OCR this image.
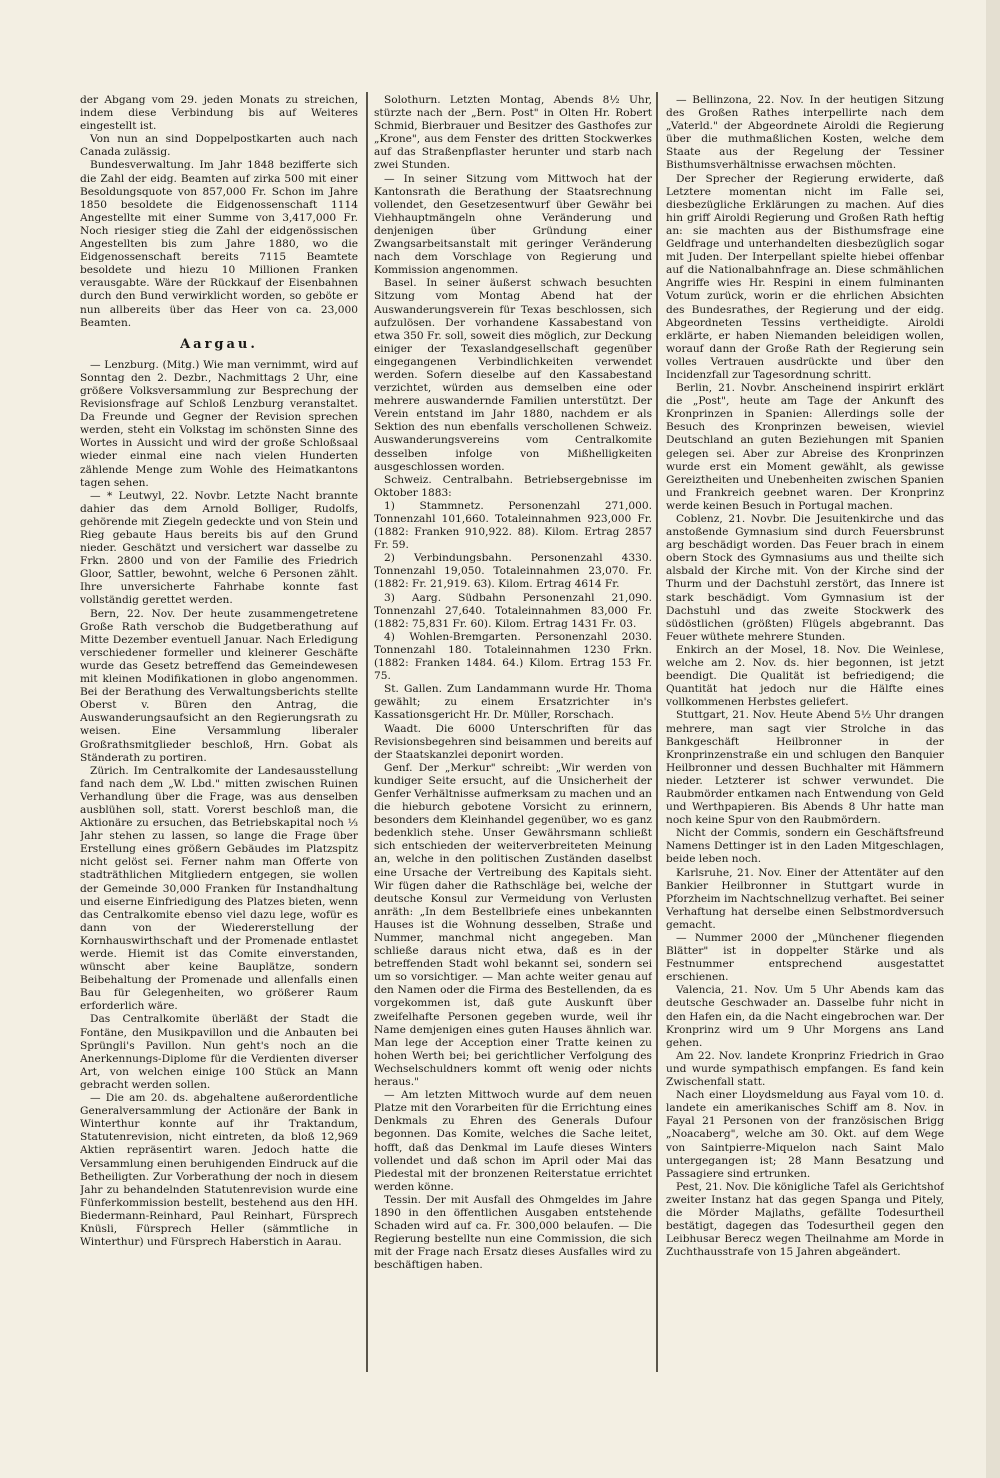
der Abgang vom 29. jeden Monats zu streichen, indem diese Verbindung bis auf Weiteres eingestellt ist.

Von nun an sind Doppelpostkarten auch nach Canada zulässig.

Bundesverwaltung. Im Jahr 1848 bezifferte sich die Zahl der eidg. Beamten auf zirka 500 mit einer Besoldungsquote von 857,000 Fr. Schon im Jahre 1850 besoldete die Eidgenossenschaft 1114 Angestellte mit einer Summe von 3,417,000 Fr. Noch riesiger stieg die Zahl der eidgenössischen Angestellten bis zum Jahre 1880, wo die Eidgenossenschaft bereits 7115 Beamtete besoldete und hiezu 10 Millionen Franken verausgabte. Wäre der Rückkauf der Eisenbahnen durch den Bund verwirklicht worden, so geböte er nun allbereits über das Heer von ca. 23,000 Beamten.

Aargau.

— Lenzburg. (Mitg.) Wie man vernimmt, wird auf Sonntag den 2. Dezbr., Nachmittags 2 Uhr, eine größere Volksversammlung zur Besprechung der Revisionsfrage auf Schloß Lenzburg veranstaltet. Da Freunde und Gegner der Revision sprechen werden, steht ein Volkstag im schönsten Sinne des Wortes in Aussicht und wird der große Schloßsaal wieder einmal eine nach vielen Hunderten zählende Menge zum Wohle des Heimatkantons tagen sehen.

— * Leutwyl, 22. Novbr. Letzte Nacht brannte dahier das dem Arnold Bolliger, Rudolfs, gehörende mit Ziegeln gedeckte und von Stein und Rieg gebaute Haus bereits bis auf den Grund nieder. Geschätzt und versichert war dasselbe zu Frkn. 2800 und von der Familie des Friedrich Gloor, Sattler, bewohnt, welche 6 Personen zählt. Ihre unversicherte Fahrhabe konnte fast vollständig gerettet werden.

Bern, 22. Nov. Der heute zusammengetretene Große Rath verschob die Budgetberathung auf Mitte Dezember eventuell Januar. Nach Erledigung verschiedener formeller und kleinerer Geschäfte wurde das Gesetz betreffend das Gemeindewesen mit kleinen Modifikationen in globo angenommen. Bei der Berathung des Verwaltungsberichts stellte Oberst v. Büren den Antrag, die Auswanderungsaufsicht an den Regierungsrath zu weisen. Eine Versammlung liberaler Großrathsmitglieder beschloß, Hrn. Gobat als Ständerath zu portiren.

Zürich. Im Centralkomite der Landesausstellung fand nach dem „W. Lbd." mitten zwischen Ruinen Verhandlung über die Frage, was aus denselben ausblühen soll, statt. Vorerst beschloß man, die Aktionäre zu ersuchen, das Betriebskapital noch ⅓ Jahr stehen zu lassen, so lange die Frage über Erstellung eines größern Gebäudes im Platzspitz nicht gelöst sei. Ferner nahm man Offerte von stadträthlichen Mitgliedern entgegen, sie wollen der Gemeinde 30,000 Franken für Instandhaltung und eiserne Einfriedigung des Platzes bieten, wenn das Centralkomite ebenso viel dazu lege, wofür es dann von der Wiedererstellung der Kornhauswirthschaft und der Promenade entlastet werde. Hiemit ist das Comite einverstanden, wünscht aber keine Bauplätze, sondern Beibehaltung der Promenade und allenfalls einen Bau für Gelegenheiten, wo größerer Raum erforderlich wäre.

Das Centralkomite überläßt der Stadt die Fontäne, den Musikpavillon und die Anbauten bei Sprüngli's Pavillon. Nun geht's noch an die Anerkennungs-Diplome für die Verdienten diverser Art, von welchen einige 100 Stück an Mann gebracht werden sollen.

— Die am 20. ds. abgehaltene außerordentliche Generalversammlung der Actionäre der Bank in Winterthur konnte auf ihr Traktandum, Statutenrevision, nicht eintreten, da bloß 12,969 Aktien repräsentirt waren. Jedoch hatte die Versammlung einen beruhigenden Eindruck auf die Betheiligten. Zur Vorberathung der noch in diesem Jahr zu behandelnden Statutenrevision wurde eine Fünferkommission bestellt, bestehend aus den HH. Biedermann-Reinhard, Paul Reinhart, Fürsprech Knüsli, Fürsprech Heller (sämmtliche in Winterthur) und Fürsprech Haberstich in Aarau.

Solothurn. Letzten Montag, Abends 8½ Uhr, stürzte nach der „Bern. Post" in Olten Hr. Robert Schmid, Bierbrauer und Besitzer des Gasthofes zur „Krone", aus dem Fenster des dritten Stockwerkes auf das Straßenpflaster herunter und starb nach zwei Stunden.

— In seiner Sitzung vom Mittwoch hat der Kantonsrath die Berathung der Staatsrechnung vollendet, den Gesetzesentwurf über Gewähr bei Viehhauptmängeln ohne Veränderung und denjenigen über Gründung einer Zwangsarbeitsanstalt mit geringer Veränderung nach dem Vorschlage von Regierung und Kommission angenommen.

Basel. In seiner äußerst schwach besuchten Sitzung vom Montag Abend hat der Auswanderungsverein für Texas beschlossen, sich aufzulösen. Der vorhandene Kassabestand von etwa 350 Fr. soll, soweit dies möglich, zur Deckung einiger der Texaslandgesellschaft gegenüber eingegangenen Verbindlichkeiten verwendet werden. Sofern dieselbe auf den Kassabestand verzichtet, würden aus demselben eine oder mehrere auswandernde Familien unterstützt. Der Verein entstand im Jahr 1880, nachdem er als Sektion des nun ebenfalls verschollenen Schweiz. Auswanderungsvereins vom Centralkomite desselben infolge von Mißhelligkeiten ausgeschlossen worden.

Schweiz. Centralbahn. Betriebsergebnisse im Oktober 1883:

1) Stammnetz. Personenzahl 271,000. Tonnenzahl 101,660. Totaleinnahmen 923,000 Fr. (1882: Franken 910,922. 88). Kilom. Ertrag 2857 Fr. 59.

2) Verbindungsbahn. Personenzahl 4330. Tonnenzahl 19,050. Totaleinnahmen 23,070. Fr. (1882: Fr. 21,919. 63). Kilom. Ertrag 4614 Fr.

3) Aarg. Südbahn Personenzahl 21,090. Tonnenzahl 27,640. Totaleinnahmen 83,000 Fr. (1882: 75,831 Fr. 60). Kilom. Ertrag 1431 Fr. 03.

4) Wohlen-Bremgarten. Personenzahl 2030. Tonnenzahl 180. Totaleinnahmen 1230 Frkn. (1882: Franken 1484. 64.) Kilom. Ertrag 153 Fr. 75.

St. Gallen. Zum Landammann wurde Hr. Thoma gewählt; zu einem Ersatzrichter in's Kassationsgericht Hr. Dr. Müller, Rorschach.

Waadt. Die 6000 Unterschriften für das Revisionsbegehren sind beisammen und bereits auf der Staatskanzlei deponirt worden.

Genf. Der „Merkur" schreibt: „Wir werden von kundiger Seite ersucht, auf die Unsicherheit der Genfer Verhältnisse aufmerksam zu machen und an die hieburch gebotene Vorsicht zu erinnern, besonders dem Kleinhandel gegenüber, wo es ganz bedenklich stehe. Unser Gewährsmann schließt sich entschieden der weiterverbreiteten Meinung an, welche in den politischen Zuständen daselbst eine Ursache der Vertreibung des Kapitals sieht. Wir fügen daher die Rathschläge bei, welche der deutsche Konsul zur Vermeidung von Verlusten anräth: „In dem Bestellbriefe eines unbekannten Hauses ist die Wohnung desselben, Straße und Nummer, manchmal nicht angegeben. Man schließe daraus nicht etwa, daß es in der betreffenden Stadt wohl bekannt sei, sondern sei um so vorsichtiger. — Man achte weiter genau auf den Namen oder die Firma des Bestellenden, da es vorgekommen ist, daß gute Auskunft über zweifelhafte Personen gegeben wurde, weil ihr Name demjenigen eines guten Hauses ähnlich war. Man lege der Acception einer Tratte keinen zu hohen Werth bei; bei gerichtlicher Verfolgung des Wechselschuldners kommt oft wenig oder nichts heraus."

— Am letzten Mittwoch wurde auf dem neuen Platze mit den Vorarbeiten für die Errichtung eines Denkmals zu Ehren des Generals Dufour begonnen. Das Komite, welches die Sache leitet, hofft, daß das Denkmal im Laufe dieses Winters vollendet und daß schon im April oder Mai das Piedestal mit der bronzenen Reiterstatue errichtet werden könne.

Tessin. Der mit Ausfall des Ohmgeldes im Jahre 1890 in den öffentlichen Ausgaben entstehende Schaden wird auf ca. Fr. 300,000 belaufen. — Die Regierung bestellte nun eine Commission, die sich mit der Frage nach Ersatz dieses Ausfalles wird zu beschäftigen haben.

— Bellinzona, 22. Nov. In der heutigen Sitzung des Großen Rathes interpellirte nach dem „Vaterld." der Abgeordnete Airoldi die Regierung über die muthmaßlichen Kosten, welche dem Staate aus der Regelung der Tessiner Bisthumsverhältnisse erwachsen möchten.

Der Sprecher der Regierung erwiderte, daß Letztere momentan nicht im Falle sei, diesbezügliche Erklärungen zu machen. Auf dies hin griff Airoldi Regierung und Großen Rath heftig an: sie machten aus der Bisthumsfrage eine Geldfrage und unterhandelten diesbezüglich sogar mit Juden. Der Interpellant spielte hiebei offenbar auf die Nationalbahnfrage an. Diese schmählichen Angriffe wies Hr. Respini in einem fulminanten Votum zurück, worin er die ehrlichen Absichten des Bundesrathes, der Regierung und der eidg. Abgeordneten Tessins vertheidigte. Airoldi erklärte, er haben Niemanden beleidigen wollen, worauf dann der Große Rath der Regierung sein volles Vertrauen ausdrückte und über den Incidenzfall zur Tagesordnung schritt.

Berlin, 21. Novbr. Anscheinend inspirirt erklärt die „Post", heute am Tage der Ankunft des Kronprinzen in Spanien: Allerdings solle der Besuch des Kronprinzen beweisen, wieviel Deutschland an guten Beziehungen mit Spanien gelegen sei. Aber zur Abreise des Kronprinzen wurde erst ein Moment gewählt, als gewisse Gereiztheiten und Unebenheiten zwischen Spanien und Frankreich geebnet waren. Der Kronprinz werde keinen Besuch in Portugal machen.

Coblenz, 21. Novbr. Die Jesuitenkirche und das anstoßende Gymnasium sind durch Feuersbrunst arg beschädigt worden. Das Feuer brach in einem obern Stock des Gymnasiums aus und theilte sich alsbald der Kirche mit. Von der Kirche sind der Thurm und der Dachstuhl zerstört, das Innere ist stark beschädigt. Vom Gymnasium ist der Dachstuhl und das zweite Stockwerk des südöstlichen (größten) Flügels abgebrannt. Das Feuer wüthete mehrere Stunden.

Enkirch an der Mosel, 18. Nov. Die Weinlese, welche am 2. Nov. ds. hier begonnen, ist jetzt beendigt. Die Qualität ist befriedigend; die Quantität hat jedoch nur die Hälfte eines vollkommenen Herbstes geliefert.

Stuttgart, 21. Nov. Heute Abend 5½ Uhr drangen mehrere, man sagt vier Strolche in das Bankgeschäft Heilbronner in der Kronprinzenstraße ein und schlugen den Banquier Heilbronner und dessen Buchhalter mit Hämmern nieder. Letzterer ist schwer verwundet. Die Raubmörder entkamen nach Entwendung von Geld und Werthpapieren. Bis Abends 8 Uhr hatte man noch keine Spur von den Raubmördern.

Nicht der Commis, sondern ein Geschäftsfreund Namens Dettinger ist in den Laden Mitgeschlagen, beide leben noch.

Karlsruhe, 21. Nov. Einer der Attentäter auf den Bankier Heilbronner in Stuttgart wurde in Pforzheim im Nachtschnellzug verhaftet. Bei seiner Verhaftung hat derselbe einen Selbstmordversuch gemacht.

— Nummer 2000 der „Münchener fliegenden Blätter" ist in doppelter Stärke und als Festnummer entsprechend ausgestattet erschienen.

Valencia, 21. Nov. Um 5 Uhr Abends kam das deutsche Geschwader an. Dasselbe fuhr nicht in den Hafen ein, da die Nacht eingebrochen war. Der Kronprinz wird um 9 Uhr Morgens ans Land gehen.

Am 22. Nov. landete Kronprinz Friedrich in Grao und wurde sympathisch empfangen. Es fand kein Zwischenfall statt.

Nach einer Lloydsmeldung aus Fayal vom 10. d. landete ein amerikanisches Schiff am 8. Nov. in Fayal 21 Personen von der französischen Brigg „Noacaberg", welche am 30. Okt. auf dem Wege von Saintpierre-Miquelon nach Saint Malo untergegangen ist; 28 Mann Besatzung und Passagiere sind ertrunken.

Pest, 21. Nov. Die königliche Tafel als Gerichtshof zweiter Instanz hat das gegen Spanga und Pitely, die Mörder Majlaths, gefällte Todesurtheil bestätigt, dagegen das Todesurtheil gegen den Leibhusar Berecz wegen Theilnahme am Morde in Zuchthausstrafe von 15 Jahren abgeändert.
